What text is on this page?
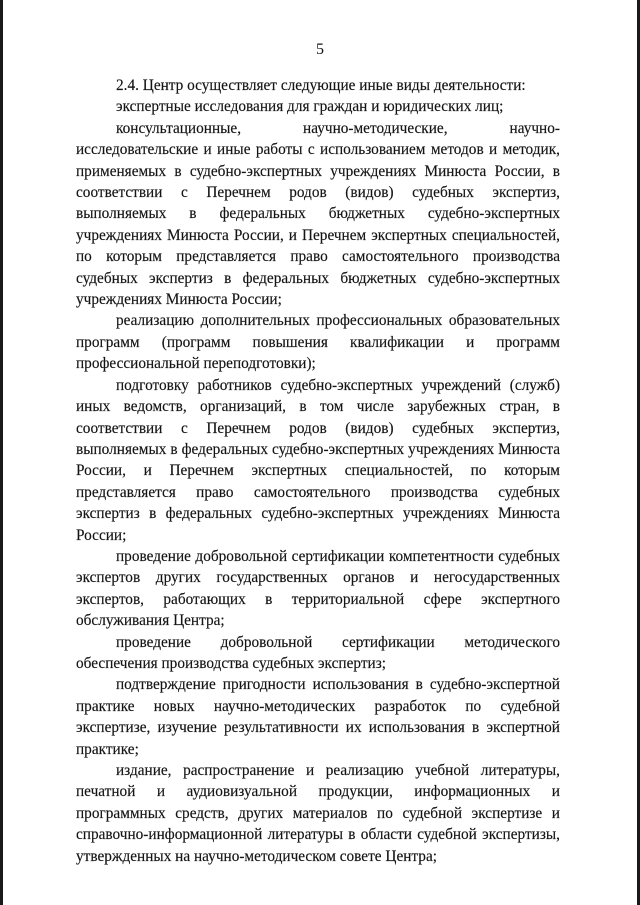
5

2.4. Центр осуществляет следующие иные виды деятельности:

экспертные исследования для граждан и юридических лиц;

консультационные, научно-методические, научно-исследовательские и иные работы с использованием методов и методик, применяемых в судебно-экспертных учреждениях Минюста России, в соответствии с Перечнем родов (видов) судебных экспертиз, выполняемых в федеральных бюджетных судебно-экспертных учреждениях Минюста России, и Перечнем экспертных специальностей, по которым представляется право самостоятельного производства судебных экспертиз в федеральных бюджетных судебно-экспертных учреждениях Минюста России;

реализацию дополнительных профессиональных образовательных программ (программ повышения квалификации и программ профессиональной переподготовки);

подготовку работников судебно-экспертных учреждений (служб) иных ведомств, организаций, в том числе зарубежных стран, в соответствии с Перечнем родов (видов) судебных экспертиз, выполняемых в федеральных судебно-экспертных учреждениях Минюста России, и Перечнем экспертных специальностей, по которым представляется право самостоятельного производства судебных экспертиз в федеральных судебно-экспертных учреждениях Минюста России;

проведение добровольной сертификации компетентности судебных экспертов других государственных органов и негосударственных экспертов, работающих в территориальной сфере экспертного обслуживания Центра;

проведение добровольной сертификации методического обеспечения производства судебных экспертиз;

подтверждение пригодности использования в судебно-экспертной практике новых научно-методических разработок по судебной экспертизе, изучение результативности их использования в экспертной практике;

издание, распространение и реализацию учебной литературы, печатной и аудиовизуальной продукции, информационных и программных средств, других материалов по судебной экспертизе и справочно-информационной литературы в области судебной экспертизы, утвержденных на научно-методическом совете Центра;
